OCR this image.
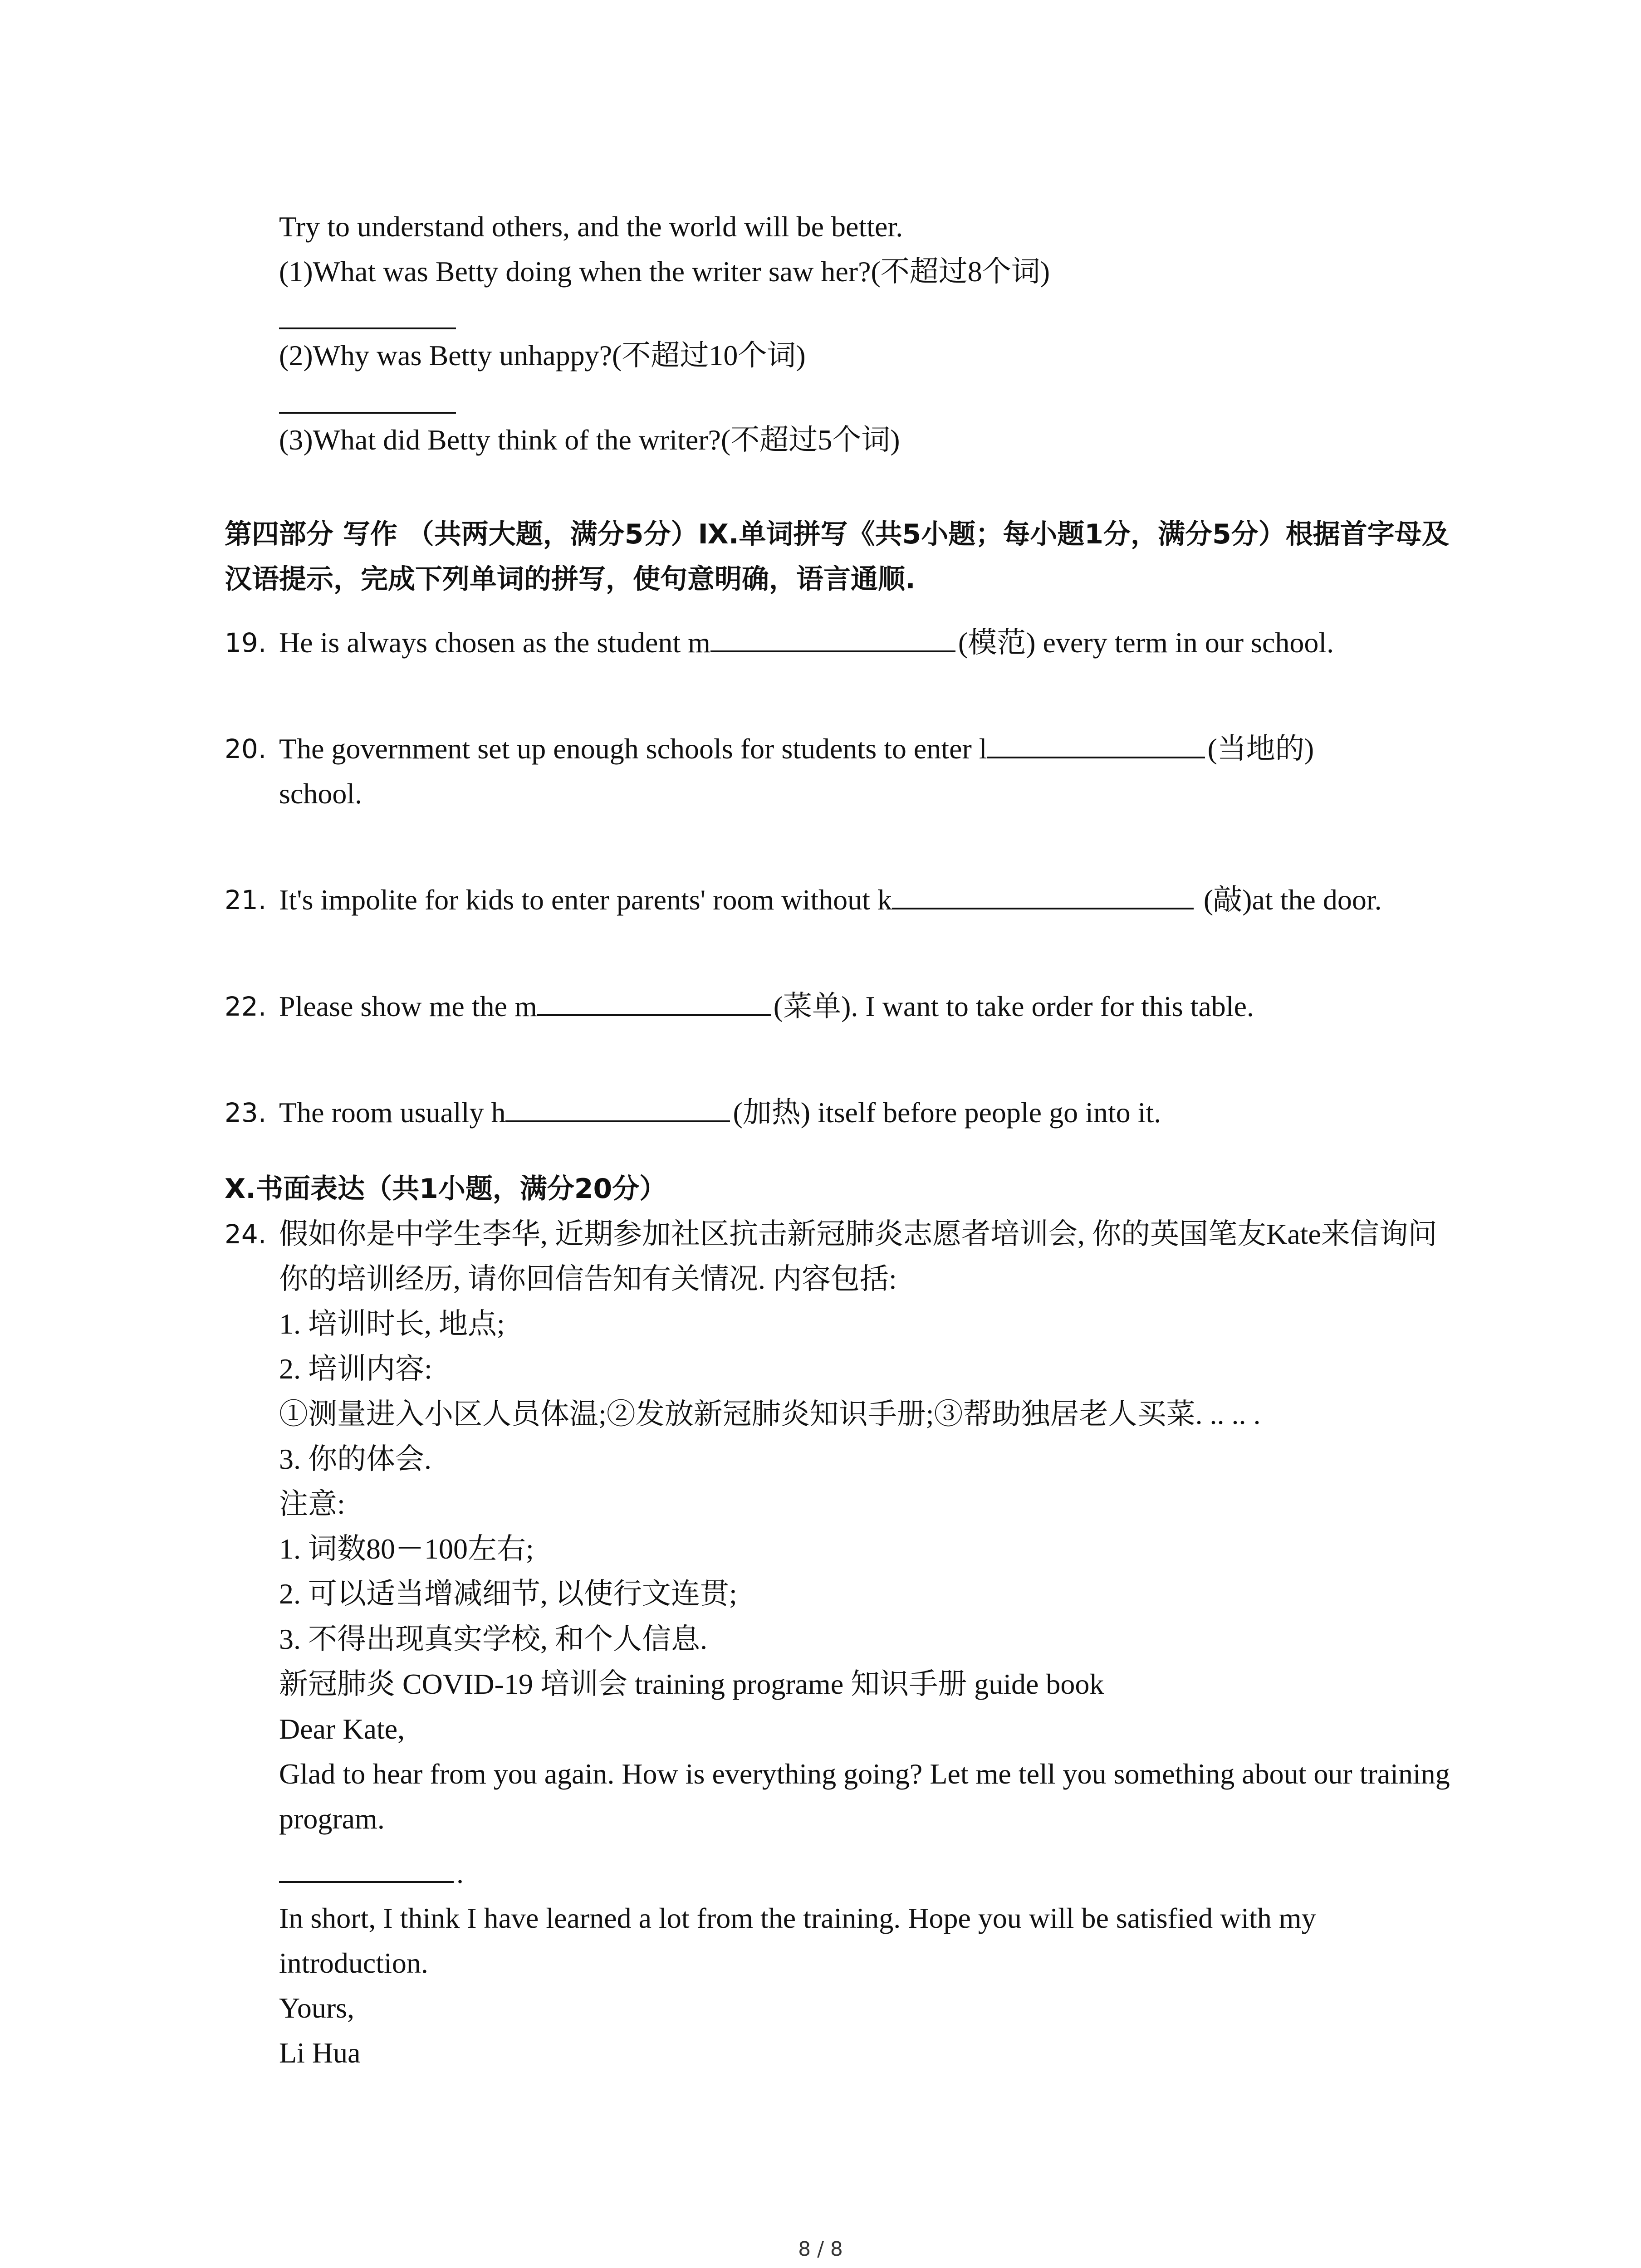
Try to understand others, and the world will be better.

(1)What was Betty doing when the writer saw her?(不超过8个词)

(2)Why was Betty unhappy?(不超过10个词)

(3)What did Betty think of the writer?(不超过5个词)

第四部分 写作 （共两大题，满分5分）Ⅸ.单词拼写《共5小题；每小题1分，满分5分）根据首字母及汉语提示，完成下列单词的拼写，使句意明确，语言通顺.

19. He is always chosen as the student m	(模范) every term in our school.
20. The government set up enough schools for students to enter l	(当地的)
school.
21. It's impolite for kids to enter parents' room without k	(敲)at the door.
22. Please show me the m	(菜单). I want to take order for this table.
23. The room usually h	(加热) itself before people go into it.

Ⅹ.书面表达（共1小题，满分20分）

24. 假如你是中学生李华, 近期参加社区抗击新冠肺炎志愿者培训会, 你的英国笔友Kate来信询问你的培训经历, 请你回信告知有关情况. 内容包括:

1. 培训时长, 地点;

2. 培训内容:

①测量进入小区人员体温;②发放新冠肺炎知识手册;③帮助独居老人买菜. .. .. .

3. 你的体会.

注意:

1. 词数80－100左右;

2. 可以适当增减细节, 以使行文连贯;

3. 不得出现真实学校, 和个人信息.

新冠肺炎 COVID-19 培训会 training programe 知识手册 guide book

Dear Kate,

Glad to hear from you again. How is everything going? Let me tell you something about our training program.

.

In short, I think I have learned a lot from the training. Hope you will be satisfied with my introduction.

Yours,

Li Hua

8 / 8
